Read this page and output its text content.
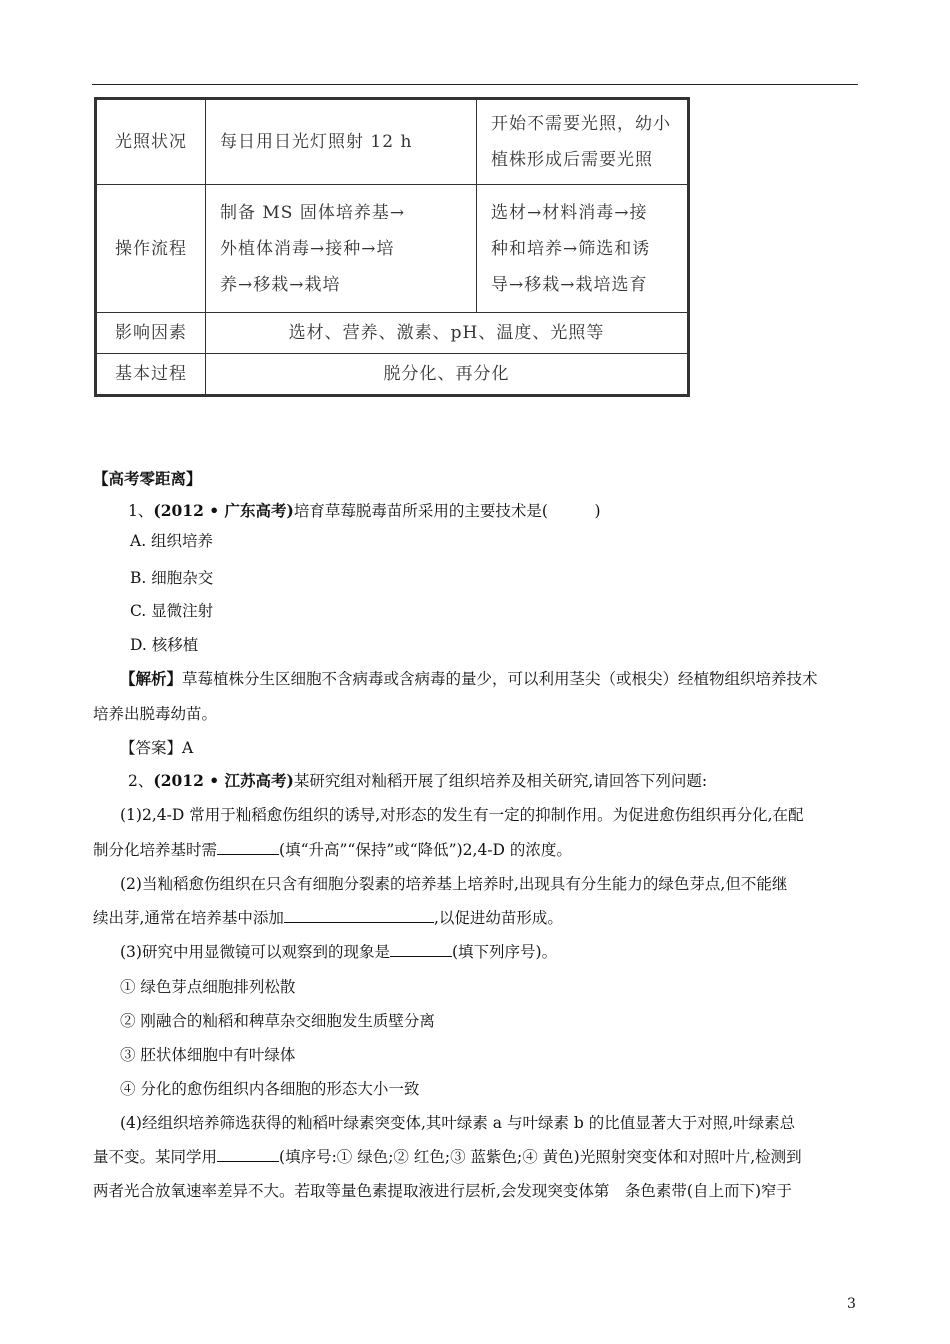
光照状况	每日用日光灯照射 12 h	开始不需要光照，幼小
植株形成后需要光照
操作流程	制备 MS 固体培养基→
外植体消毒→接种→培
养→移栽→栽培	选材→材料消毒→接
种和培养→筛选和诱
导→移栽→栽培选育
影响因素	选材、营养、激素、pH、温度、光照等	
基本过程	脱分化、再分化	
【高考零距离】
1、(2012 • 广东高考)培育草莓脱毒苗所采用的主要技术是(　　　)
A. 组织培养
B. 细胞杂交
C. 显微注射
D. 核移植
【解析】草莓植株分生区细胞不含病毒或含病毒的量少，可以利用茎尖（或根尖）经植物组织培养技术
培养出脱毒幼苗。
【答案】A
2、(2012 • 江苏高考)某研究组对籼稻开展了组织培养及相关研究,请回答下列问题:
(1)2,4-D 常用于籼稻愈伤组织的诱导,对形态的发生有一定的抑制作用。为促进愈伤组织再分化,在配
制分化培养基时需	(填“升高”“保持”或“降低”)2,4-D 的浓度。
(2)当籼稻愈伤组织在只含有细胞分裂素的培养基上培养时,出现具有分生能力的绿色芽点,但不能继
续出芽,通常在培养基中添加	,以促进幼苗形成。
(3)研究中用显微镜可以观察到的现象是	(填下列序号)。
① 绿色芽点细胞排列松散
② 刚融合的籼稻和稗草杂交细胞发生质壁分离
③ 胚状体细胞中有叶绿体
④ 分化的愈伤组织内各细胞的形态大小一致
(4)经组织培养筛选获得的籼稻叶绿素突变体,其叶绿素 a 与叶绿素 b 的比值显著大于对照,叶绿素总
量不变。某同学用	(填序号:① 绿色;② 红色;③ 蓝紫色;④ 黄色)光照射突变体和对照叶片,检测到
两者光合放氧速率差异不大。若取等量色素提取液进行层析,会发现突变体第　条色素带(自上而下)窄于
3
